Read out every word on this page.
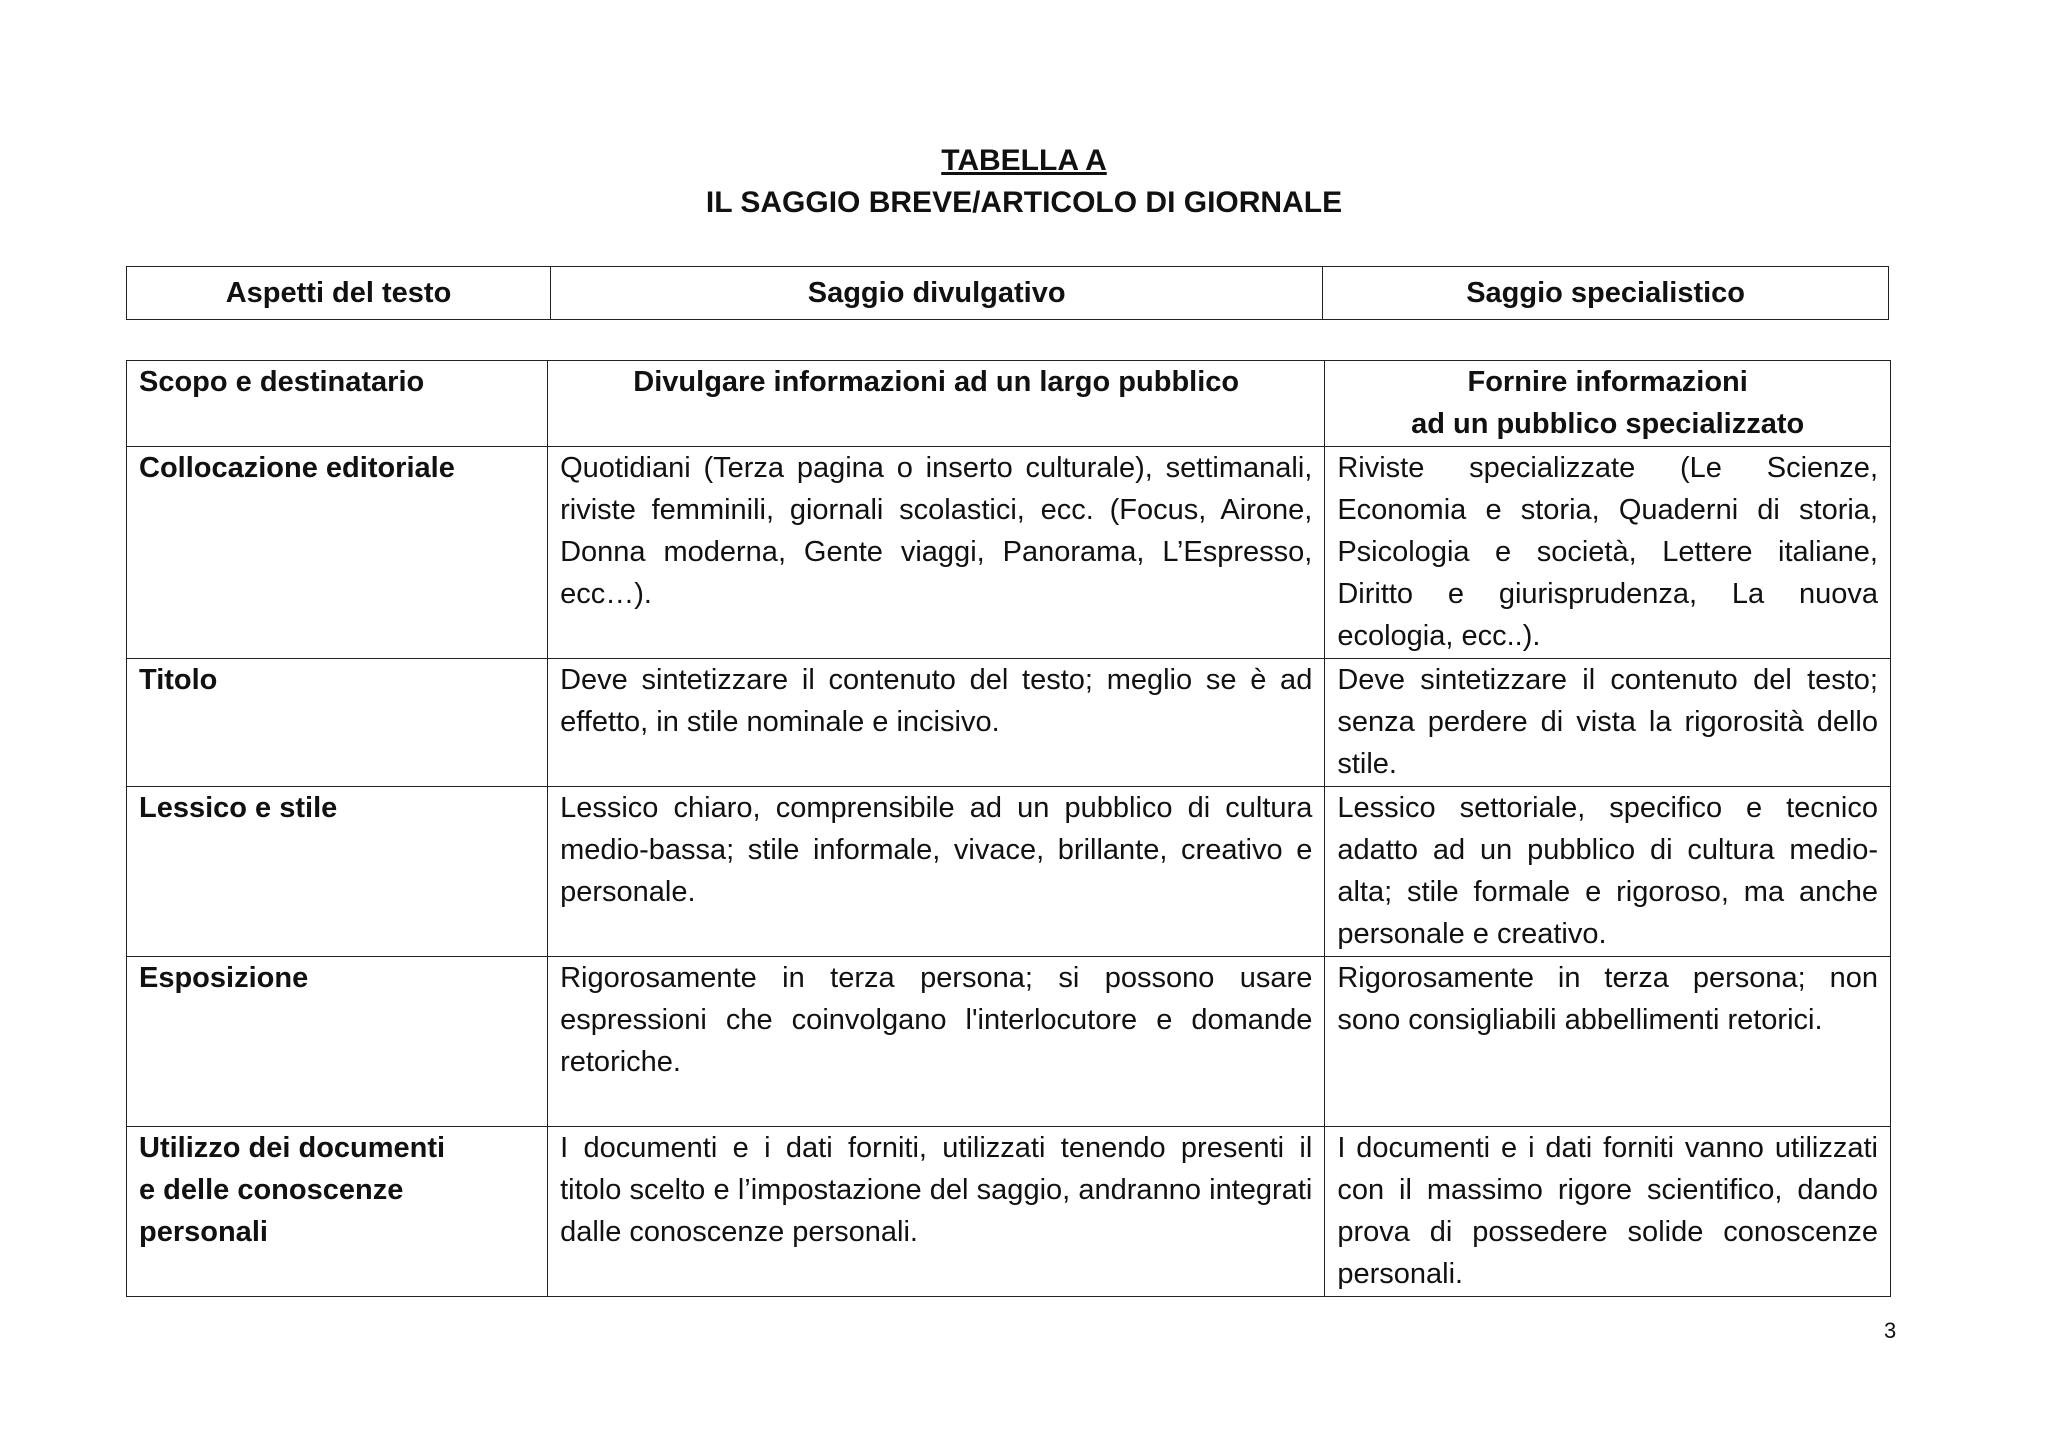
TABELLA A
IL SAGGIO BREVE/ARTICOLO DI GIORNALE
Aspetti del testo	Saggio divulgativo	Saggio specialistico
Scopo e destinatario	Divulgare informazioni ad un largo pubblico	Fornire informazioni
ad un pubblico specializzato

Collocazione editoriale	Quotidiani (Terza pagina o inserto culturale), settimanali, riviste femminili, giornali scolastici, ecc. (Focus, Airone, Donna moderna, Gente viaggi, Panorama, L’Espresso, ecc…).	Riviste specializzate (Le Scienze, Economia e storia, Quaderni di storia, Psicologia e società, Lettere italiane, Diritto e giurisprudenza, La nuova ecologia, ecc..).
Titolo	Deve sintetizzare il contenuto del testo; meglio se è ad effetto, in stile nominale e incisivo.	Deve sintetizzare il contenuto del testo; senza perdere di vista la rigorosità dello stile.
Lessico e stile	Lessico chiaro, comprensibile ad un pubblico di cultura medio-bassa; stile informale, vivace, brillante, creativo e personale.	Lessico settoriale, specifico e tecnico adatto ad un pubblico di cultura medio-alta; stile formale e rigoroso, ma anche personale e creativo.
Esposizione	Rigorosamente in terza persona; si possono usare espressioni che coinvolgano l'interlocutore e domande retoriche.	Rigorosamente in terza persona; non sono consigliabili abbellimenti retorici.

Utilizzo dei documenti
e delle conoscenze
personali	I documenti e i dati forniti, utilizzati tenendo presenti il titolo scelto e l’impostazione del saggio, andranno integrati dalle conoscenze personali.	I documenti e i dati forniti vanno utilizzati con il massimo rigore scientifico, dando prova di possedere solide conoscenze personali.
3
